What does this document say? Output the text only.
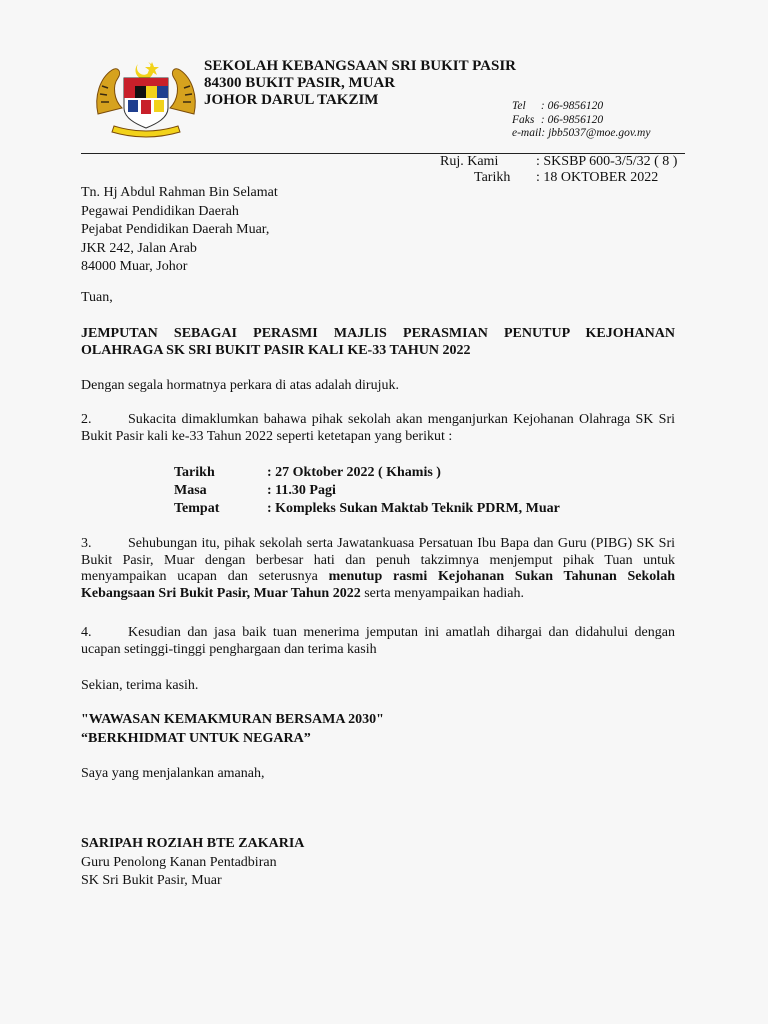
SEKOLAH KEBANGSAAN SRI BUKIT PASIR
84300 BUKIT PASIR, MUAR
JOHOR DARUL TAKZIM	Tel : 06-9856120
Faks : 06-9856120
e-mail: jbb5037@moe.gov.my
Ruj. Kami	: SKSBP 600-3/5/32 ( 8 )
Tarikh : 18 OKTOBER 2022
Tn. Hj Abdul Rahman Bin Selamat
Pegawai Pendidikan Daerah
Pejabat Pendidikan Daerah Muar,
JKR 242, Jalan Arab
84000 Muar, Johor
Tuan,
JEMPUTAN SEBAGAI PERASMI MAJLIS PERASMIAN PENUTUP KEJOHANAN
OLAHRAGA SK SRI BUKIT PASIR KALI KE-33 TAHUN 2022
Dengan segala hormatnya perkara di atas adalah dirujuk.
2.	Sukacita dimaklumkan bahawa pihak sekolah akan menganjurkan Kejohanan Olahraga SK Sri
Bukit Pasir kali ke-33 Tahun 2022 seperti ketetapan yang berikut :
Tarikh	: 27 Oktober 2022 ( Khamis )
Masa	: 11.30 Pagi
Tempat	: Kompleks Sukan Maktab Teknik PDRM, Muar
3.	Sehubungan itu, pihak sekolah serta Jawatankuasa Persatuan Ibu Bapa dan Guru (PIBG) SK Sri
Bukit Pasir, Muar dengan berbesar hati dan penuh takzimnya menjemput pihak Tuan untuk
menyampaikan ucapan dan seterusnya menutup rasmi Kejohanan Sukan Tahunan Sekolah
Kebangsaan Sri Bukit Pasir, Muar Tahun 2022 serta menyampaikan hadiah.
4.	Kesudian dan jasa baik tuan menerima jemputan ini amatlah dihargai dan didahului dengan
ucapan setinggi-tinggi penghargaan dan terima kasih
Sekian, terima kasih.
"WAWASAN KEMAKMURAN BERSAMA 2030"
“BERKHIDMAT UNTUK NEGARA”
Saya yang menjalankan amanah,
SARIPAH ROZIAH BTE ZAKARIA
Guru Penolong Kanan Pentadbiran
SK Sri Bukit Pasir, Muar
